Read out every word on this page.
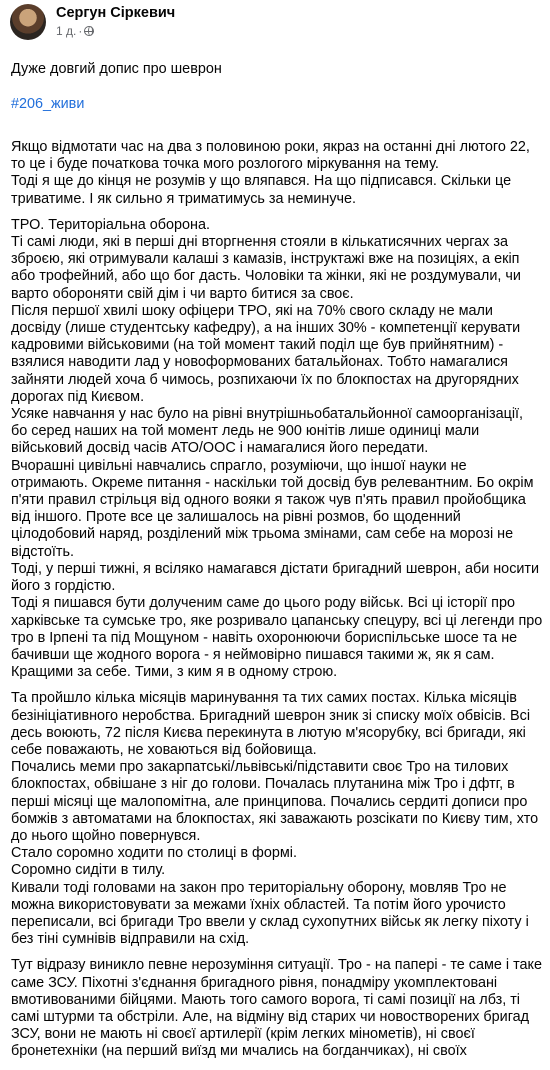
Сергун Сіркевич
1 д. ·

Дуже довгий допис про шеврон

#206_живи

Якщо відмотати час на два з половиною роки, якраз на останні дні лютого 22, то це і буде початкова точка мого розлогого міркування на тему.
Тоді я ще до кінця не розумів у що вляпався. На що підписався. Скільки це триватиме. І як сильно я триматимусь за неминуче.
ТРО. Територіальна оборона.
Ті самі люди, які в перші дні вторгнення стояли в кількатисячних чергах за зброєю, які отримували калаші з камазів, інструктажі вже на позиціях, а екіп або трофейний, або що бог дасть. Чоловіки та жінки, які не роздумували, чи варто обороняти свій дім і чи варто битися за своє.
Після першої хвилі шоку офіцери ТРО, які на 70% свого складу не мали досвіду (лише студентську кафедру), а на інших 30% - компетенції керувати кадровими військовими (на той момент такий поділ ще був прийнятним) - взялися наводити лад у новоформованих батальйонах. Тобто намагалися зайняти людей хоча б чимось, розпихаючи їх по блокпостах на другорядних дорогах під Києвом.
Усяке навчання у нас було на рівні внутрішньобатальйонної самоорганізації, бо серед наших на той момент ледь не 900 юнітів лише одиниці мали військовий досвід часів АТО/ООС і намагалися його передати.
Вчорашні цивільні навчались спрагло, розуміючи, що іншої науки не отримають. Окреме питання - наскільки той досвід був релевантним. Бо окрім п'яти правил стрільця від одного вояки я також чув п'ять правил пройобщика від іншого. Проте все це залишалось на рівні розмов, бо щоденний цілодобовий наряд, розділений між трьома змінами, сам себе на морозі не відстоїть.
Тоді, у перші тижні, я всіляко намагався дістати бригадний шеврон, аби носити його з гордістю.
Тоді я пишався бути долученим саме до цього роду військ. Всі ці історії про харківське та сумське тро, яке розривало цапанську спецуру, всі ці легенди про тро в Ірпені та під Мощуном - навіть охоронюючи бориспільське шосе та не бачивши ще жодного ворога - я неймовірно пишався такими ж, як я сам. Кращими за себе. Тими, з ким я в одному строю.
Та пройшло кілька місяців маринування та тих самих постах. Кілька місяців безініціативного неробства. Бригадний шеврон зник зі списку моїх обвісів. Всі десь воюють, 72 після Києва перекинута в лютую м'ясорубку, всі бригади, які себе поважають, не ховаються від бойовища.
Почались меми про закарпатські/львівські/підставити своє Тро на тилових блокпостах, обвішане з ніг до голови. Почалась плутанина між Тро і дфтг, в перші місяці ще малопомітна, але принципова. Почались сердиті дописи про бомжів з автоматами на блокпостах, які заважають розсікати по Києву тим, хто до нього щойно повернувся.
Стало соромно ходити по столиці в формі.
Соромно сидіти в тилу.
Кивали тоді головами на закон про територіальну оборону, мовляв Тро не можна використовувати за межами їхніх областей. Та потім його урочисто переписали, всі бригади Тро ввели у склад сухопутних військ як легку піхоту і без тіні сумнівів відправили на схід.
Тут відразу виникло певне нерозуміння ситуації. Тро - на папері - те саме і таке саме ЗСУ. Піхотні з'єднання бригадного рівня, понадміру укомплектовані вмотивованими бійцями. Мають того самого ворога, ті самі позиції на лбз, ті самі штурми та обстріли. Але, на відміну від старих чи новостворених бригад ЗСУ, вони не мають ні своєї артилерії (крім легких мінометів), ні своєї бронетехніки (на перший виїзд ми мчались на богданчиках), ні своїх
